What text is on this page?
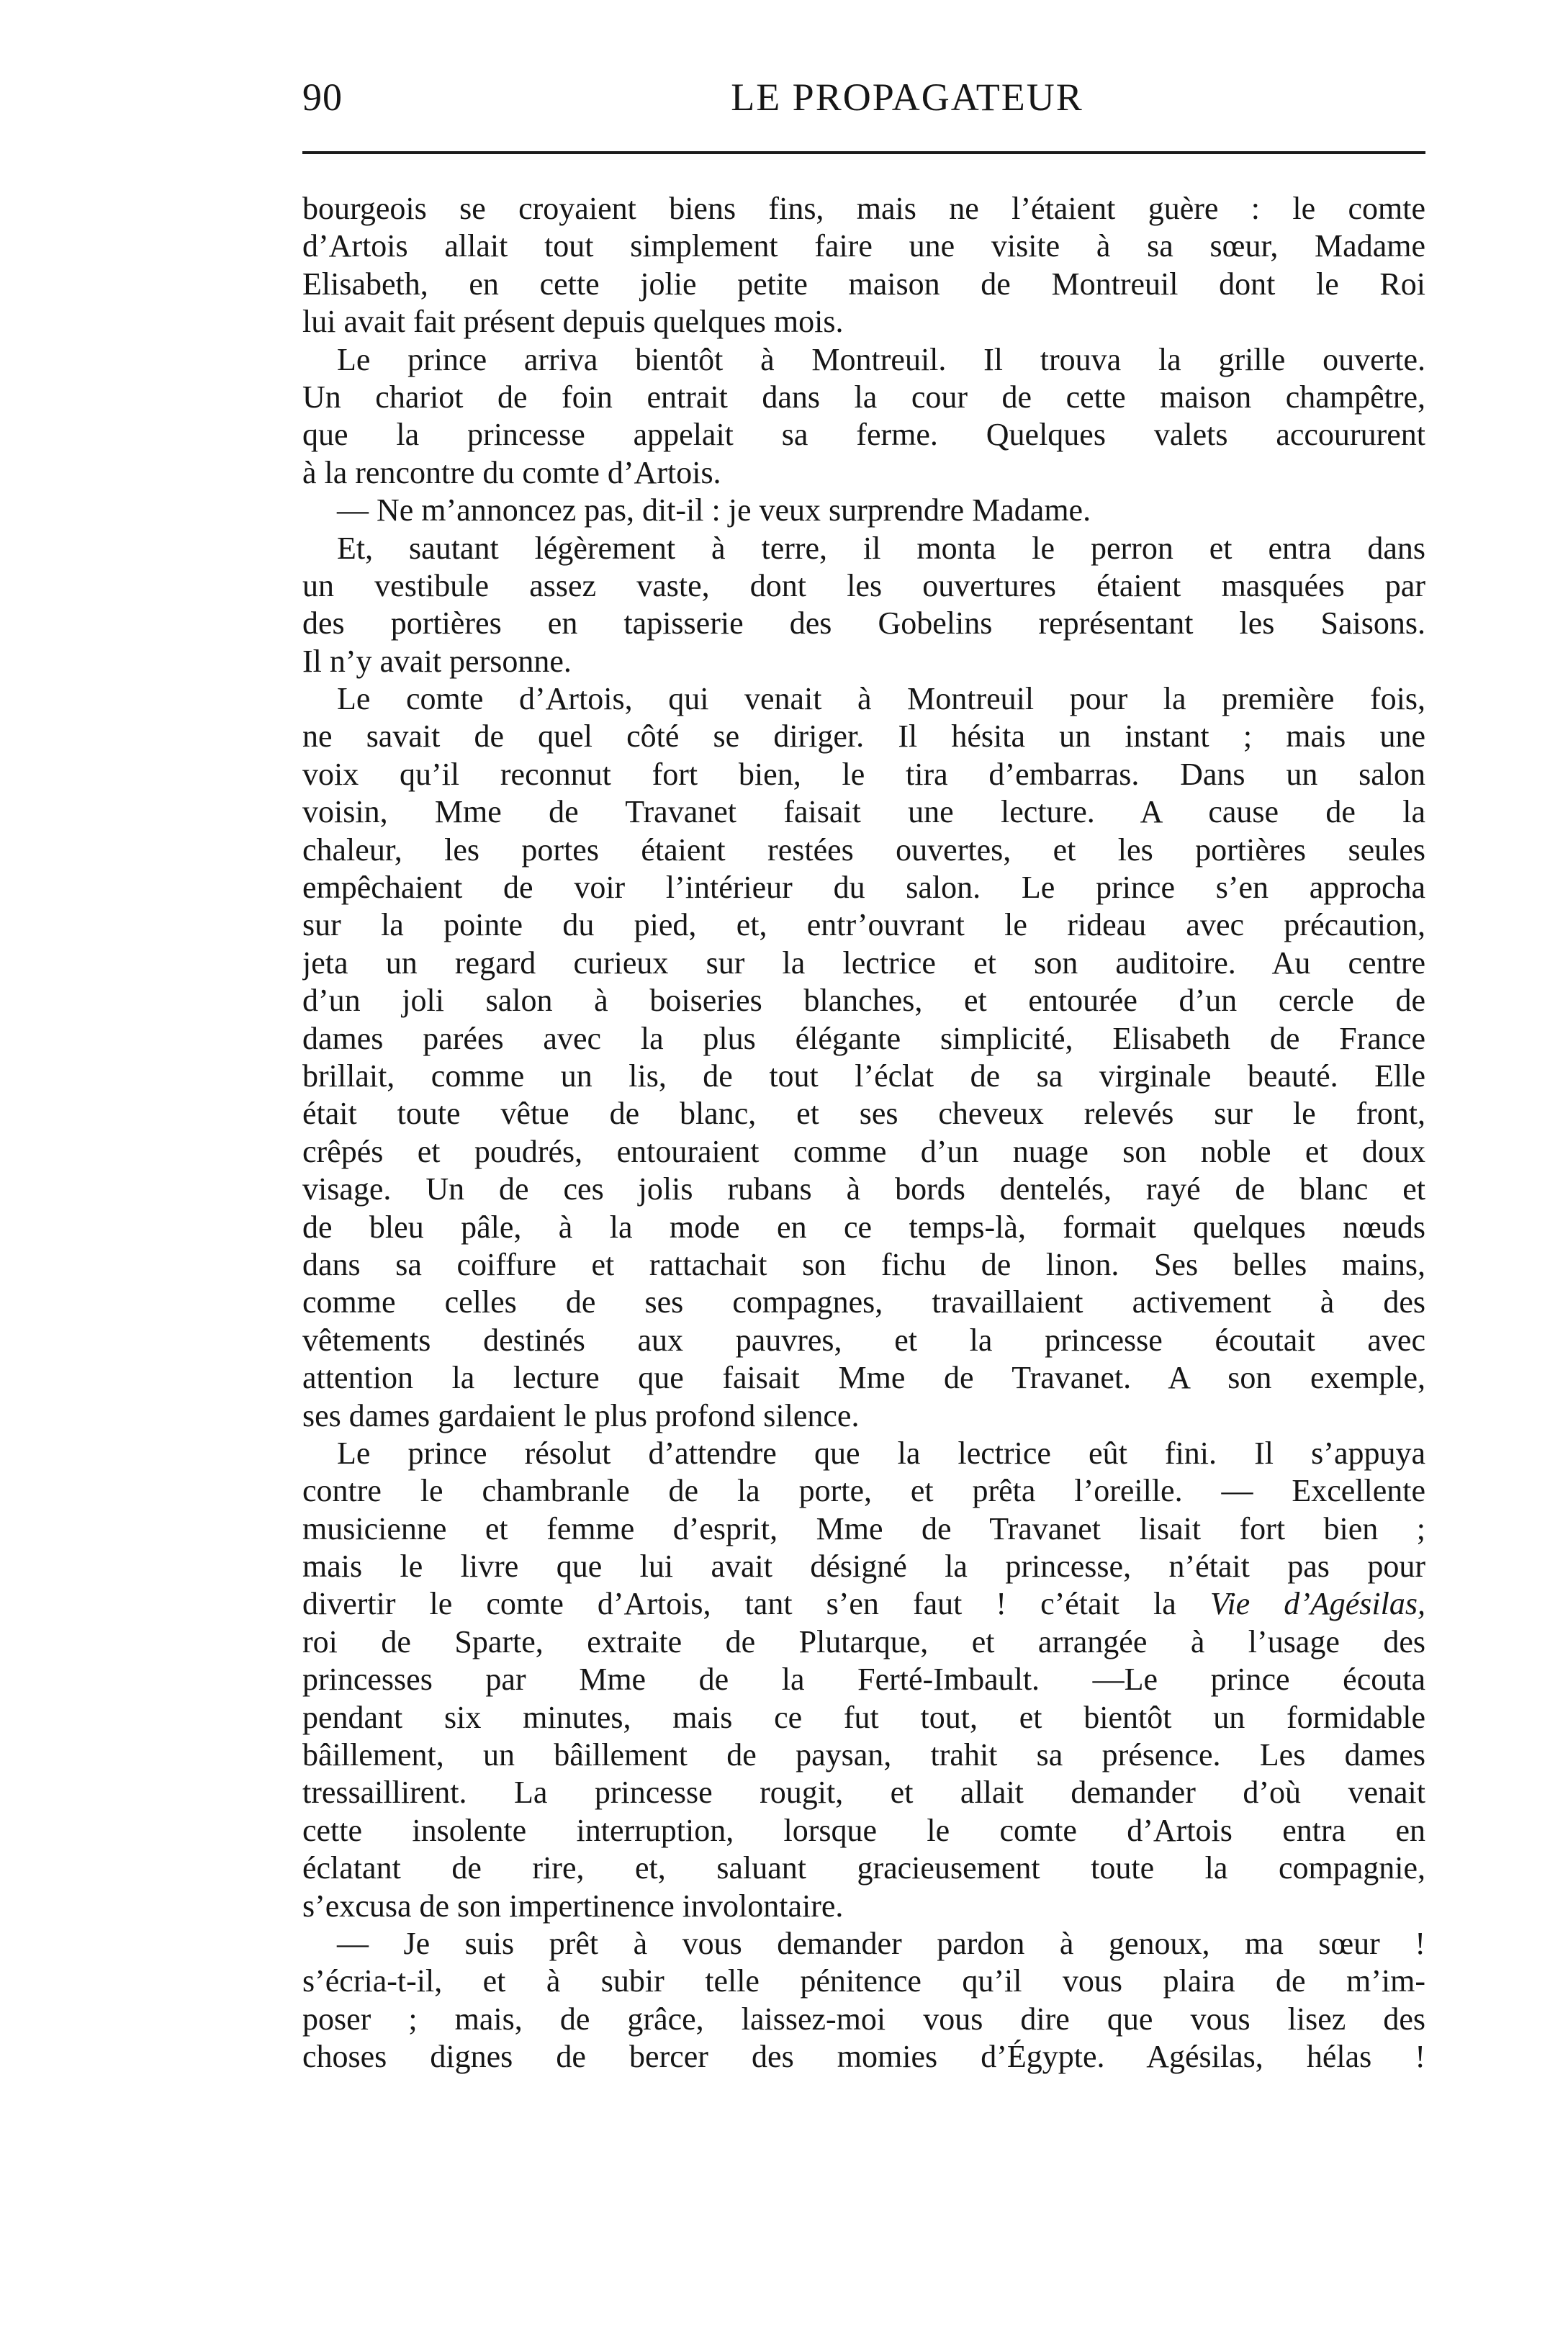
90	LE PROPAGATEUR
bourgeois se croyaient biens fins, mais ne l’étaient guère : le comte
d’Artois allait tout simplement faire une visite à sa sœur, Madame
Elisabeth, en cette jolie petite maison de Montreuil dont le Roi
lui avait fait présent depuis quelques mois.
Le prince arriva bientôt à Montreuil. Il trouva la grille ouverte.
Un chariot de foin entrait dans la cour de cette maison champêtre,
que la princesse appelait sa ferme. Quelques valets accoururent
à la rencontre du comte d’Artois.
— Ne m’annoncez pas, dit-il : je veux surprendre Madame.
Et, sautant légèrement à terre, il monta le perron et entra dans
un vestibule assez vaste, dont les ouvertures étaient masquées par
des portières en tapisserie des Gobelins représentant les Saisons.
Il n’y avait personne.
Le comte d’Artois, qui venait à Montreuil pour la première fois,
ne savait de quel côté se diriger. Il hésita un instant ; mais une
voix qu’il reconnut fort bien, le tira d’embarras. Dans un salon
voisin, Mme de Travanet faisait une lecture. A cause de la
chaleur, les portes étaient restées ouvertes, et les portières seules
empêchaient de voir l’intérieur du salon. Le prince s’en approcha
sur la pointe du pied, et, entr’ouvrant le rideau avec précaution,
jeta un regard curieux sur la lectrice et son auditoire. Au centre
d’un joli salon à boiseries blanches, et entourée d’un cercle de
dames parées avec la plus élégante simplicité, Elisabeth de France
brillait, comme un lis, de tout l’éclat de sa virginale beauté. Elle
était toute vêtue de blanc, et ses cheveux relevés sur le front,
crêpés et poudrés, entouraient comme d’un nuage son noble et doux
visage. Un de ces jolis rubans à bords dentelés, rayé de blanc et
de bleu pâle, à la mode en ce temps-là, formait quelques nœuds
dans sa coiffure et rattachait son fichu de linon. Ses belles mains,
comme celles de ses compagnes, travaillaient activement à des
vêtements destinés aux pauvres, et la princesse écoutait avec
attention la lecture que faisait Mme de Travanet. A son exemple,
ses dames gardaient le plus profond silence.
Le prince résolut d’attendre que la lectrice eût fini. Il s’appuya
contre le chambranle de la porte, et prêta l’oreille. — Excellente
musicienne et femme d’esprit, Mme de Travanet lisait fort bien ;
mais le livre que lui avait désigné la princesse, n’était pas pour
divertir le comte d’Artois, tant s’en faut ! c’était la Vie d’Agésilas,
roi de Sparte, extraite de Plutarque, et arrangée à l’usage des
princesses par Mme de la Ferté-Imbault. —Le prince écouta
pendant six minutes, mais ce fut tout, et bientôt un formidable
bâillement, un bâillement de paysan, trahit sa présence. Les dames
tressaillirent. La princesse rougit, et allait demander d’où venait
cette insolente interruption, lorsque le comte d’Artois entra en
éclatant de rire, et, saluant gracieusement toute la compagnie,
s’excusa de son impertinence involontaire.
— Je suis prêt à vous demander pardon à genoux, ma sœur !
s’écria-t-il, et à subir telle pénitence qu’il vous plaira de m’im-
poser ; mais, de grâce, laissez-moi vous dire que vous lisez des
choses dignes de bercer des momies d’Égypte. Agésilas, hélas !
